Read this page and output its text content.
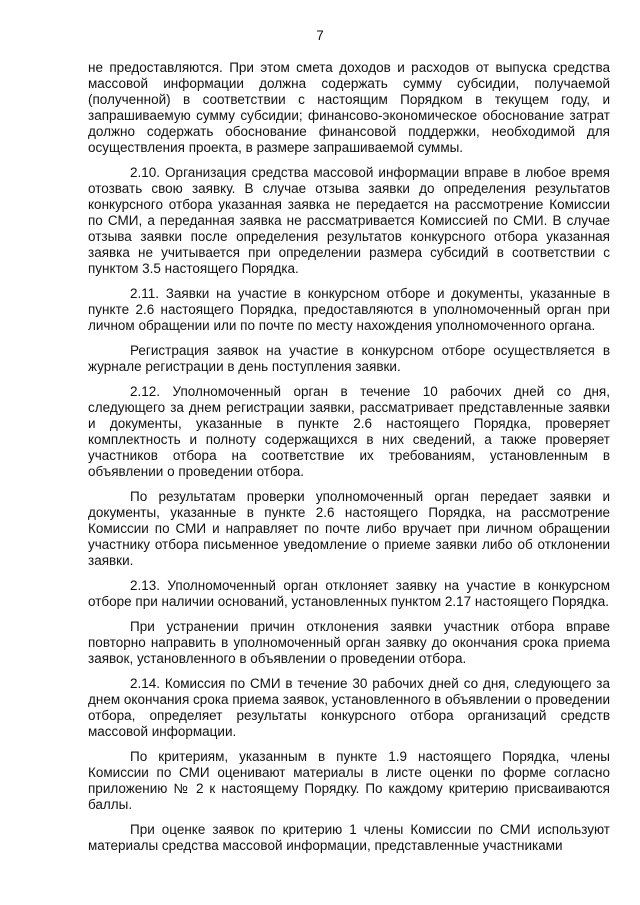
7

не предоставляются. При этом смета доходов и расходов от выпуска средства массовой информации должна содержать сумму субсидии, получаемой (полученной) в соответствии с настоящим Порядком в текущем году, и запрашиваемую сумму субсидии; финансово-экономическое обоснование затрат должно содержать обоснование финансовой поддержки, необходимой для осуществления проекта, в размере запрашиваемой суммы.

2.10. Организация средства массовой информации вправе в любое время отозвать свою заявку. В случае отзыва заявки до определения результатов конкурсного отбора указанная заявка не передается на рассмотрение Комиссии по СМИ, а переданная заявка не рассматривается Комиссией по СМИ. В случае отзыва заявки после определения результатов конкурсного отбора указанная заявка не учитывается при определении размера субсидий в соответствии с пунктом 3.5 настоящего Порядка.

2.11. Заявки на участие в конкурсном отборе и документы, указанные в пункте 2.6 настоящего Порядка, предоставляются в уполномоченный орган при личном обращении или по почте по месту нахождения уполномоченного органа.

Регистрация заявок на участие в конкурсном отборе осуществляется в журнале регистрации в день поступления заявки.

2.12. Уполномоченный орган в течение 10 рабочих дней со дня, следующего за днем регистрации заявки, рассматривает представленные заявки и документы, указанные в пункте 2.6 настоящего Порядка, проверяет комплектность и полноту содержащихся в них сведений, а также проверяет участников отбора на соответствие их требованиям, установленным в объявлении о проведении отбора.

По результатам проверки уполномоченный орган передает заявки и документы, указанные в пункте 2.6 настоящего Порядка, на рассмотрение Комиссии по СМИ и направляет по почте либо вручает при личном обращении участнику отбора письменное уведомление о приеме заявки либо об отклонении заявки.

2.13. Уполномоченный орган отклоняет заявку на участие в конкурсном отборе при наличии оснований, установленных пунктом 2.17 настоящего Порядка.

При устранении причин отклонения заявки участник отбора вправе повторно направить в уполномоченный орган заявку до окончания срока приема заявок, установленного в объявлении о проведении отбора.

2.14. Комиссия по СМИ в течение 30 рабочих дней со дня, следующего за днем окончания срока приема заявок, установленного в объявлении о проведении отбора, определяет результаты конкурсного отбора организаций средств массовой информации.

По критериям, указанным в пункте 1.9 настоящего Порядка, члены Комиссии по СМИ оценивают материалы в листе оценки по форме согласно приложению № 2 к настоящему Порядку. По каждому критерию присваиваются баллы.

При оценке заявок по критерию 1 члены Комиссии по СМИ используют материалы средства массовой информации, представленные участниками
